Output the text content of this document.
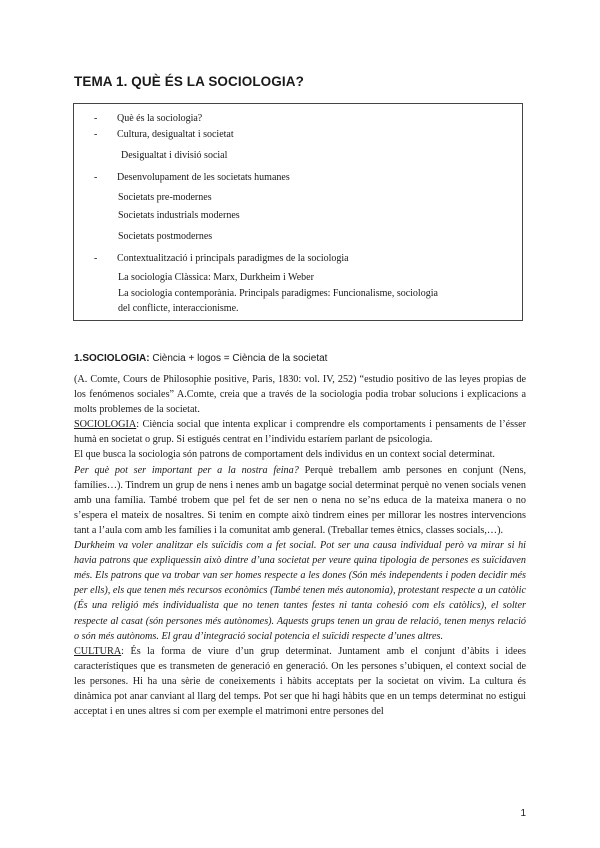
TEMA 1. QUÈ ÉS LA SOCIOLOGIA?
- Què és la sociologia?
- Cultura, desigualtat i societat
Desigualtat i divisió social
- Desenvolupament de les societats humanes
Societats pre-modernes
Societats industrials modernes
Societats postmodernes
- Contextualització i principals paradigmes de la sociologia
La sociologia Clàssica: Marx, Durkheim i Weber
La sociologia contemporània. Principals paradigmes: Funcionalisme, sociologia
del conflicte, interaccionisme.
1.SOCIOLOGIA: Ciència + logos = Ciència de la societat

(A. Comte, Cours de Philosophie positive, Paris, 1830: vol. IV, 252) “estudio positivo de las leyes propias de los fenómenos sociales” A.Comte, creia que a través de la sociologia podia trobar solucions i explicacions a molts problemes de la societat.

SOCIOLOGIA: Ciència social que intenta explicar i comprendre els comportaments i pensaments de l’ésser humà en societat o grup. Si estigués centrat en l’individu estaríem parlant de psicologia.

El que busca la sociologia són patrons de comportament dels individus en un context social determinat.

Per què pot ser important per a la nostra feina? Perquè treballem amb persones en conjunt (Nens, famílies…). Tindrem un grup de nens i nenes amb un bagatge social determinat perquè no venen socials venen amb una família. També trobem que pel fet de ser nen o nena no se’ns educa de la mateixa manera o no s’espera el mateix de nosaltres. Si tenim en compte això tindrem eines per millorar les nostres intervencions tant a l’aula com amb les famílies i la comunitat amb general. (Treballar temes ètnics, classes socials,…).

Durkheim va voler analitzar els suïcidis com a fet social. Pot ser una causa individual però va mirar si hi havia patrons que expliquessin això dintre d’una societat per veure quina tipologia de persones es suïcidaven més. Els patrons que va trobar van ser homes respecte a les dones (Són més independents i poden decidir més per ells), els que tenen més recursos econòmics (També tenen més autonomia), protestant respecte a un catòlic (És una religió més individualista que no tenen tantes festes ni tanta cohesió com els catòlics), el solter respecte al casat (són persones més autònomes). Aquests grups tenen un grau de relació, tenen menys relació o són més autònoms. El grau d’integració social potencia el suïcidi respecte d’unes altres.

CULTURA: És la forma de viure d’un grup determinat. Juntament amb el conjunt d’àbits i idees característiques que es transmeten de generació en generació. On les persones s’ubiquen, el context social de les persones. Hi ha una sèrie de coneixements i hàbits acceptats per la societat on vivim. La cultura és dinàmica pot anar canviant al llarg del temps. Pot ser que hi hagi hàbits que en un temps determinat no estigui acceptat i en unes altres si com per exemple el matrimoni entre persones del

1
